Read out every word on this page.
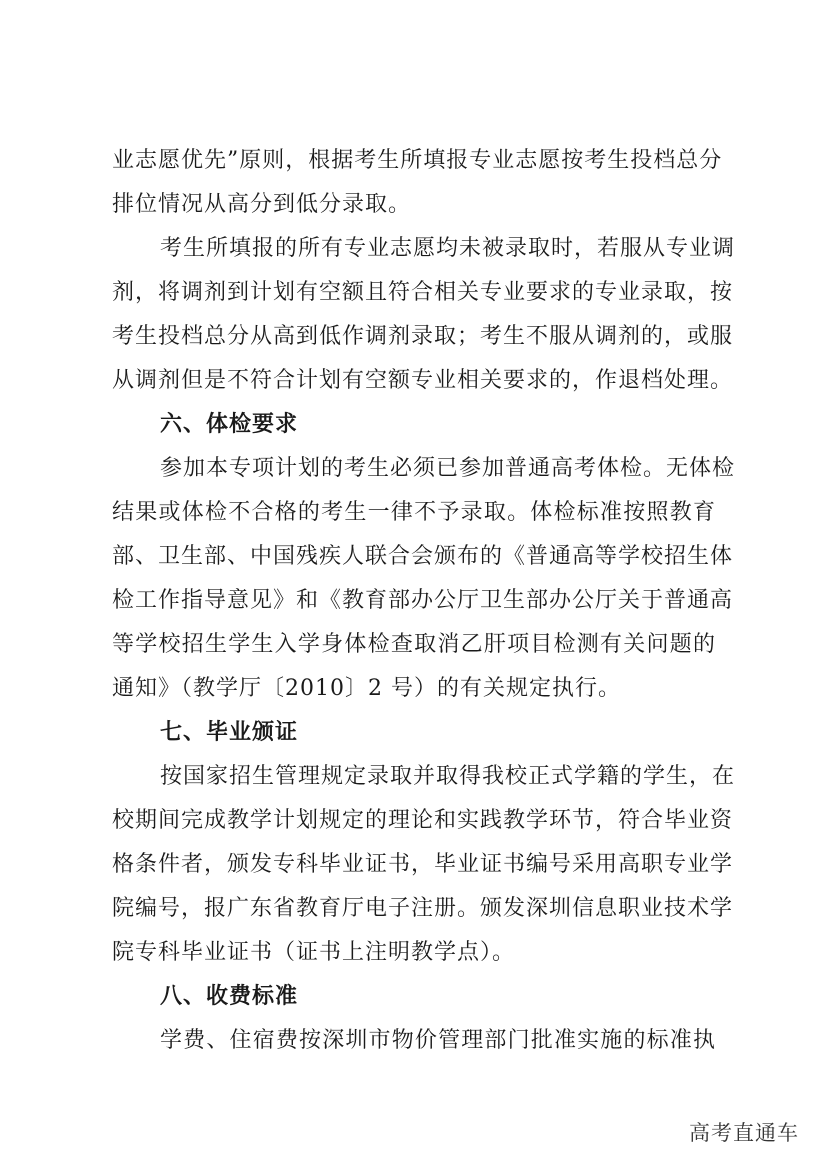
业志愿优先”原则，根据考生所填报专业志愿按考生投档总分
排位情况从高分到低分录取。
考生所填报的所有专业志愿均未被录取时，若服从专业调
剂，将调剂到计划有空额且符合相关专业要求的专业录取，按
考生投档总分从高到低作调剂录取；考生不服从调剂的，或服
从调剂但是不符合计划有空额专业相关要求的，作退档处理。
六、体检要求
参加本专项计划的考生必须已参加普通高考体检。无体检
结果或体检不合格的考生一律不予录取。体检标准按照教育
部、卫生部、中国残疾人联合会颁布的《普通高等学校招生体
检工作指导意见》和《教育部办公厅卫生部办公厅关于普通高
等学校招生学生入学身体检查取消乙肝项目检测有关问题的
通知》（教学厅〔2010〕2 号）的有关规定执行。
七、毕业颁证
按国家招生管理规定录取并取得我校正式学籍的学生，在
校期间完成教学计划规定的理论和实践教学环节，符合毕业资
格条件者，颁发专科毕业证书，毕业证书编号采用高职专业学
院编号，报广东省教育厅电子注册。颁发深圳信息职业技术学
院专科毕业证书（证书上注明教学点）。
八、收费标准
学费、住宿费按深圳市物价管理部门批准实施的标准执
高考直通车
